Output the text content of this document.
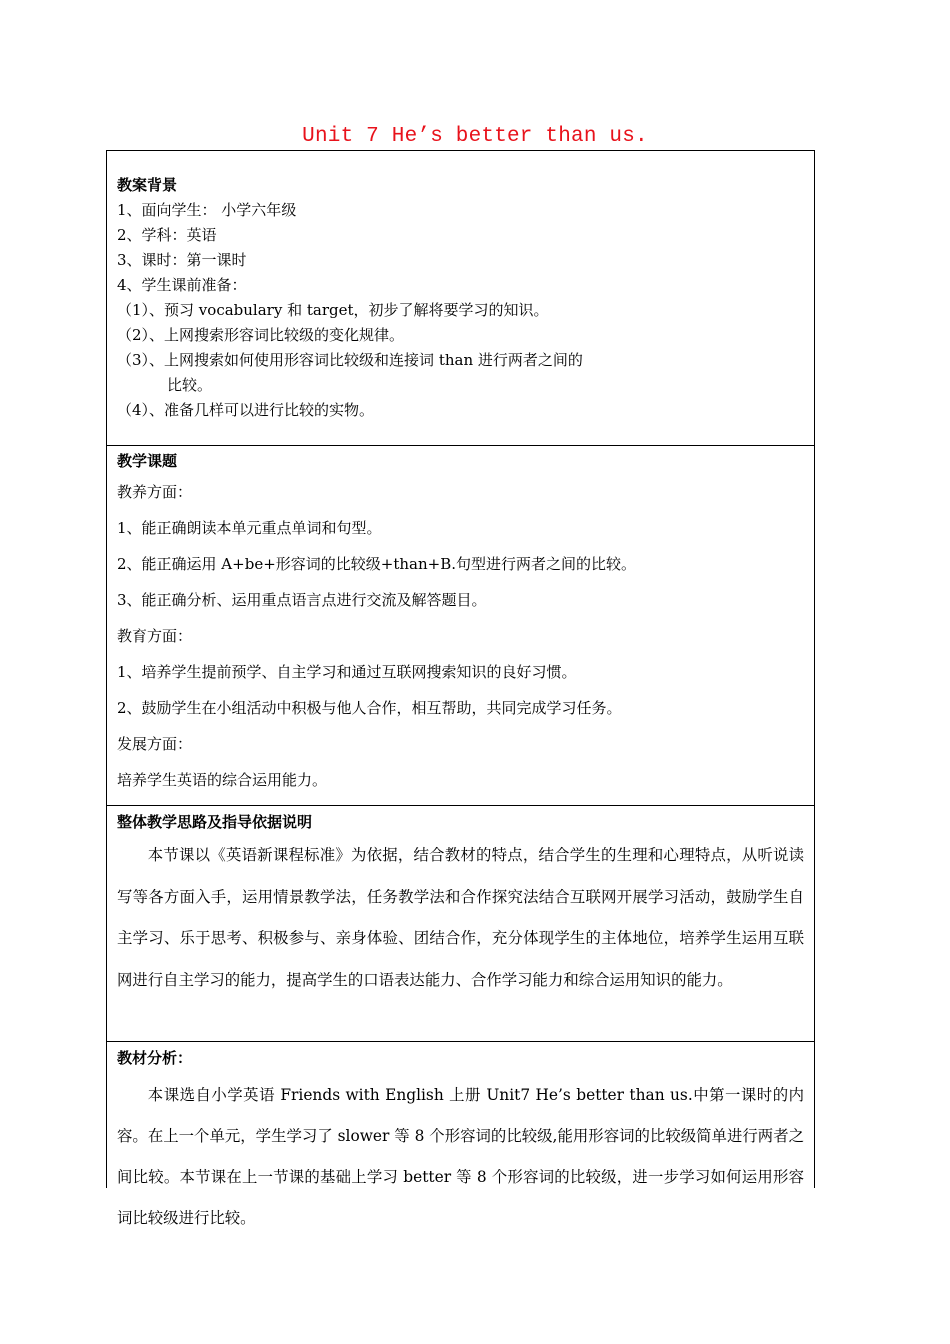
Unit 7 He’s better than us.
教案背景
1、面向学生： 小学六年级
2、学科：英语
3、课时：第一课时
4、学生课前准备：
（1）、预习 vocabulary 和 target，初步了解将要学习的知识。
（2）、上网搜索形容词比较级的变化规律。
（3）、上网搜索如何使用形容词比较级和连接词 than 进行两者之间的
比较。
（4）、准备几样可以进行比较的实物。
教学课题
教养方面：
1、能正确朗读本单元重点单词和句型。
2、能正确运用 A+be+形容词的比较级+than+B.句型进行两者之间的比较。
3、能正确分析、运用重点语言点进行交流及解答题目。
教育方面：
1、培养学生提前预学、自主学习和通过互联网搜索知识的良好习惯。
2、鼓励学生在小组活动中积极与他人合作，相互帮助，共同完成学习任务。
发展方面：
培养学生英语的综合运用能力。
整体教学思路及指导依据说明
本节课以《英语新课程标准》为依据，结合教材的特点，结合学生的生理和心理特点，从听说读写等各方面入手，运用情景教学法，任务教学法和合作探究法结合互联网开展学习活动，鼓励学生自主学习、乐于思考、积极参与、亲身体验、团结合作，充分体现学生的主体地位，培养学生运用互联网进行自主学习的能力，提高学生的口语表达能力、合作学习能力和综合运用知识的能力。
教材分析：
本课选自小学英语 Friends with English 上册 Unit7 He’s better than us.中第一课时的内容。在上一个单元，学生学习了 slower 等 8 个形容词的比较级,能用形容词的比较级简单进行两者之间比较。本节课在上一节课的基础上学习 better 等 8 个形容词的比较级，进一步学习如何运用形容词比较级进行比较。
